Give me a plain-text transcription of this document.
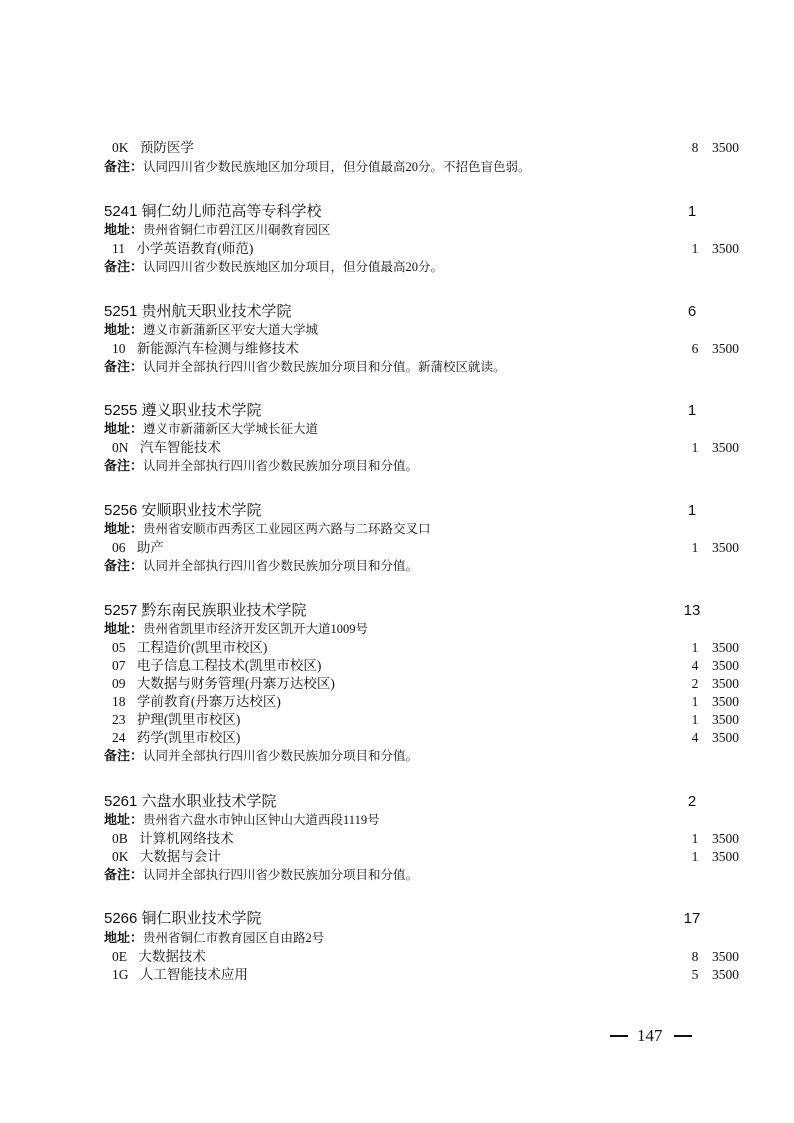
0K 预防医学	8	3500
备注：认同四川省少数民族地区加分项目，但分值最高20分。不招色盲色弱。
5241 铜仁幼儿师范高等专科学校	1
地址：贵州省铜仁市碧江区川硐教育园区
11 小学英语教育(师范)	1	3500
备注：认同四川省少数民族地区加分项目，但分值最高20分。
5251 贵州航天职业技术学院	6
地址：遵义市新蒲新区平安大道大学城
10 新能源汽车检测与维修技术	6	3500
备注：认同并全部执行四川省少数民族加分项目和分值。新蒲校区就读。
5255 遵义职业技术学院	1
地址：遵义市新蒲新区大学城长征大道
0N 汽车智能技术	1	3500
备注：认同并全部执行四川省少数民族加分项目和分值。
5256 安顺职业技术学院	1
地址：贵州省安顺市西秀区工业园区两六路与二环路交叉口
06 助产	1	3500
备注：认同并全部执行四川省少数民族加分项目和分值。
5257 黔东南民族职业技术学院	13
地址：贵州省凯里市经济开发区凯开大道1009号
05 工程造价(凯里市校区)	1	3500
07 电子信息工程技术(凯里市校区)	4	3500
09 大数据与财务管理(丹寨万达校区)	2	3500
18 学前教育(丹寨万达校区)	1	3500
23 护理(凯里市校区)	1	3500
24 药学(凯里市校区)	4	3500
备注：认同并全部执行四川省少数民族加分项目和分值。
5261 六盘水职业技术学院	2
地址：贵州省六盘水市钟山区钟山大道西段1119号
0B 计算机网络技术	1	3500
0K 大数据与会计	1	3500
备注：认同并全部执行四川省少数民族加分项目和分值。
5266 铜仁职业技术学院	17
地址：贵州省铜仁市教育园区自由路2号
0E 大数据技术	8	3500
1G 人工智能技术应用	5	3500
147
